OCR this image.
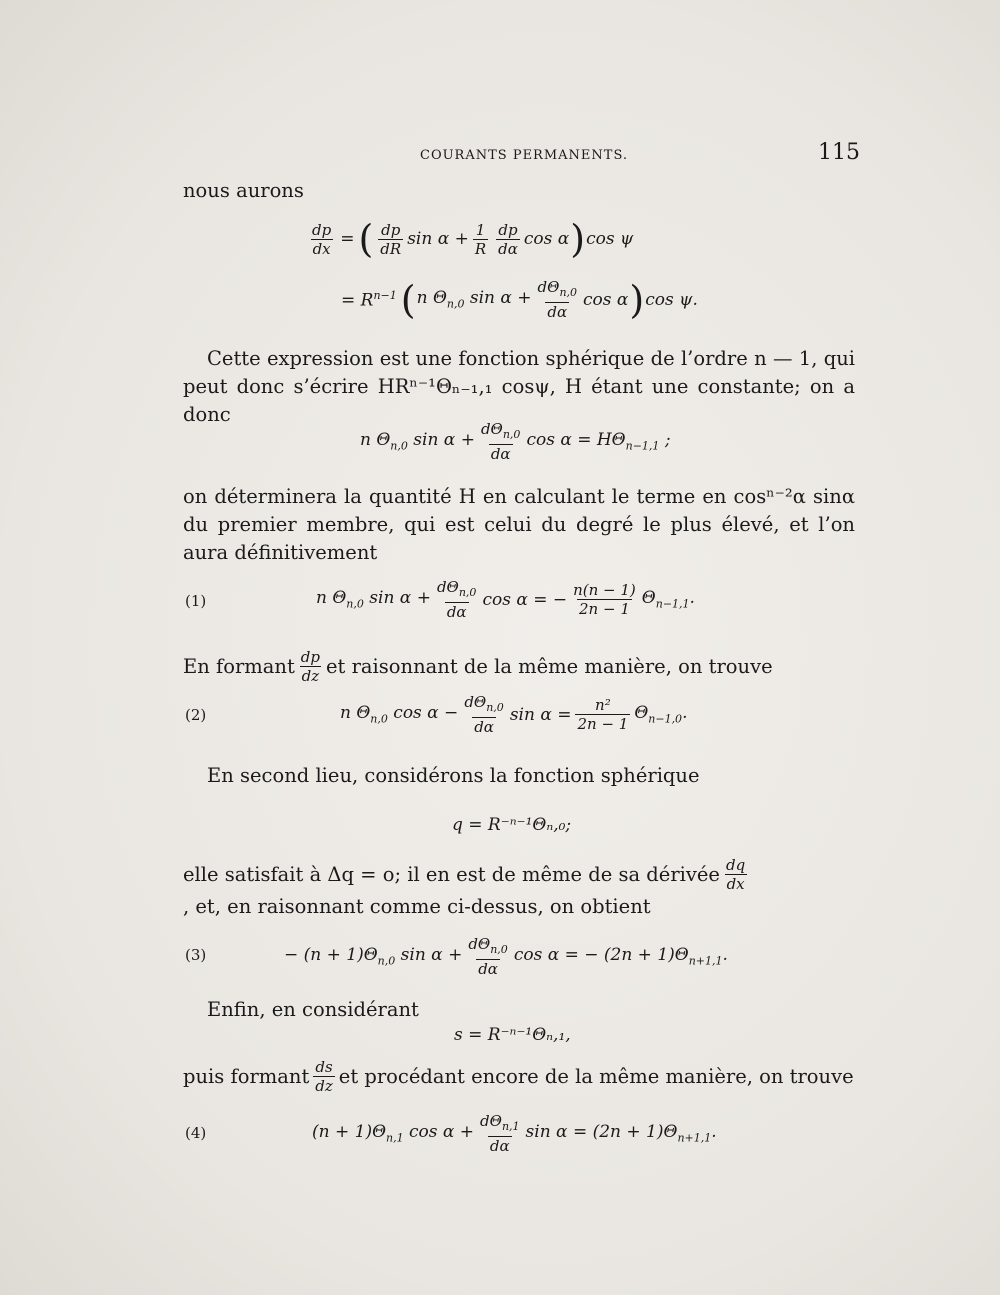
COURANTS PERMANENTS.	115
nous aurons
$\frac{dp}{dx}$ = ( $\frac{dp}{dR}$ $\sin \alpha + \frac{1}{R} \frac{dp}{d\alpha}$ cos α ) cos ψ
= $R^{n-1}$ ( n $\Theta_{n,0}$ $\sin \alpha + \frac{d\Theta_{n,0}}{d\alpha}$ cos α ) cos ψ.
Cette expression est une fonction sphérique de l’ordre n — 1, qui peut donc s’écrire HRⁿ⁻¹Θₙ₋₁,₁ cosψ, H étant une constante; on a donc
n $\Theta_{n,0}$ $\sin \alpha + \frac{d\Theta_{n,0}}{d\alpha}$ $\cos \alpha = H\Theta_{n-1,1}$ ;
on déterminera la quantité H en calculant le terme en cosⁿ⁻²α sinα du premier membre, qui est celui du degré le plus élevé, et l’on aura définitivement
(1)	n $\Theta_{n,0}$ $\sin \alpha + \frac{d\Theta_{n,0}}{d\alpha}$ cos α = − $\frac{n(n - 1)}{2n - 1} \Theta_{n-1,1}$.
En formant $\frac{dp}{dz}$ et raisonnant de la même manière, on trouve
(2)	n $\Theta_{n,0}$ $\cos \alpha - \frac{d\Theta_{n,0}}{d\alpha}$ $\sin \alpha = \frac{\text{n²}}{2n - 1} \Theta_{n-1,0}$.
En second lieu, considérons la fonction sphérique
q = R⁻ⁿ⁻¹Θₙ,₀;
elle satisfait à Δq = o; il en est de même de sa dérivée $\frac{dq}{dx}$
, et, en raisonnant comme ci-dessus, on obtient
(3)	− $(n + 1)\Theta_{n,0}$ $\sin \alpha + \frac{d\Theta_{n,0}}{d\alpha}$ cos α = − $(2n + 1)\Theta_{n+1,1}$.
Enfin, en considérant
s = R⁻ⁿ⁻¹Θₙ,₁,
puis formant $\frac{ds}{dz}$ et procédant encore de la même manière, on trouve
(4)	$(n + 1)\Theta_{n,1}$ $\cos \alpha + \frac{d\Theta_{n,1}}{d\alpha}$ $\sin \alpha = (2n + 1)\Theta_{n+1,1}$.
